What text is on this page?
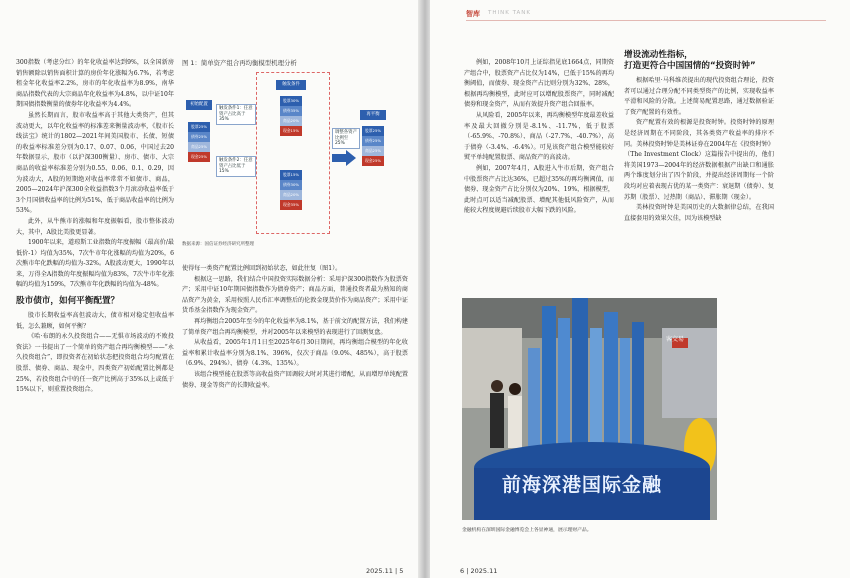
300指数（考虑分红）的年化收益率达到9%，以全国新房销售额除以销售面积计算的房价年化涨幅为6.7%，若考虑租金年化收益率2.2%，房市的年化收益率为8.9%，南华商品指数代表的大宗商品年化收益率为4.8%，以中证10年期国债指数衡量的债券年化收益率为4.4%。

虽然长期而言，股市收益率高于其他大类资产，但其波动更大，以年化收益率的标准差来衡量波动率，《股市长线法宝》统计的1802—2021年间美国股市、长债、短债的收益率标准差分别为0.17、0.07、0.06，中国过去20年数据显示，股市（以沪深300衡量）、房市、债市、大宗商品的收益率标准差分别为0.55、0.06、0.1、0.29，因为波动大，A股的短期绝对收益率常常不如债市、商品，2005—2024年沪深300全收益指数3个月滚动收益率低于3个月国债收益率的比例为51%，低于商品收益率的比例为53%。

此外，从牛熊市的涨幅和年度振幅看，股市整体波动大，其中，A股比美股更显著。

1900年以来，道琼斯工业指数的年度振幅（最高价/最低价-1）均值为35%，7次牛市年化涨幅的均值为20%，6次熊市年化跌幅的均值为-32%。A股波动更大，1990年以来，万得全A指数的年度振幅均值为83%，7次牛市年化涨幅的均值为159%，7次熊市年化跌幅的均值为-48%。

股市债市，如何平衡配置？

股市长期收益率高但波动大，债市相对稳定但收益率低，怎么兼顾，如何平衡？

《哈·布朗的永久投资组合——无惧市场波动的不败投资法》一书提出了一个简单的资产组合再均衡模型——“永久投资组合”，即投资者在初始状态把投资组合均匀配置在股票、债券、商品、现金中，四类资产初始配置比例都是25%，若投资组合中的任一资产比例高于35%以上或低于15%以下，则重置投资组合。

图 1：简单资产组合再均衡模型机理分析
初始配置
股票25%
债券25%
商品25%
现金25%
触发条件1：任意资产占比高于35%
触发条件2：任意资产占比低于15%
触发条件
股票30%
债券35%
商品20%
现金15%
股票15%
债券30%
商品20%
现金35%
调整各资产比例至25%
再平衡
股票25%
债券25%
商品25%
现金25%
数据来源：国信证券经济研究所整理

使得每一类资产配置比例回到初始状态，如此往复（图1）。

根据这一思路，我们结合中国投资实际数据分析：采用沪深300指数作为股票资产；采用中证10年期国债指数作为债券资产；商品方面，普通投资者最为熟知的商品资产为黄金，采用按照人民币汇率调整后的伦敦金现货价作为商品资产；采用中证货币基金指数作为现金资产。

再均衡组合2005年至今的年化收益率为8.1%，基于前文的配置方法，我们构建了简单资产组合再均衡模型，并对2005年以来模型的表现进行了回测复盘。

从收益看，2005年1月1日至2025年6月30日期间，再均衡组合模型的年化收益率和累计收益率分别为8.1%、396%，仅次于商品（9.0%、485%），高于股票（6.9%、294%）、债券（4.3%、135%）。

该组合模型能在股票等高收益资产回调较大时对其进行增配，从而增厚单纯配置债券、现金等资产的长期收益率。

2025.11 | 5
智库 THINK TANK

例如，2008年10月上证综指见底1664点，同期资产组合中，股票资产占比仅为14%，已低于15%的再均衡阈值，而债券、现金资产占比则分别为32%、28%，根据再均衡模型，此时应可以增配股票资产，同时减配债券和现金资产，从而有效提升资产组合回报率。

从风险看，2005年以来，再均衡模型年度最差收益率及最大回撤分别是-8.1%、-11.7%，低于股票（-65.9%、-70.8%）、商品（-27.7%、-40.7%），高于债券（-3.4%、-6.4%）。可见该资产组合模型能较好熨平单纯配置股票、商品资产的高波动。

例如，2007年4月，A股进入牛市后期，资产组合中股票资产占比达36%，已超过35%的再均衡阈值，而债券、现金资产占比分别仅为20%、19%，根据模型，此时点可以适当减配股票、增配其他低风险资产，从而能较大程度规避后续股市大幅下跌的风险。

增设流动性指标，
打造更符合中国国情的“投资时钟”

根据哈里·马科维茨提出的现代投资组合理论，投资者可以通过合理分配不同类型资产的比例，实现收益率平滑和风险的分散。上述简易配置思路，通过数据验证了资产配置的有效性。

资产配置有效的根源是投资时钟。投资时钟的原理是经济周期在不同阶段，其各类资产收益率的排序不同。美林投资时钟是美林证券在2004年在《投资时钟》（The Investment Clock）这篇报告中提出的，他们将美国1973—2004年的经济数据根据产出缺口和通胀两个维度划分出了四个阶段，并提出经济周期每一个阶段均对应着表现占优的某一类资产：衰退期（债券）、复苏期（股票）、过热期（商品）、滞胀期（现金）。

美林投资时钟是美国历史的大数据律总结，在我国直接套用的效果欠佳，因为该模型缺

前海深港国际金融
客交易
金融机构在深圳国际金融博览会上各显神通，展示理财产品。
6 | 2025.11
